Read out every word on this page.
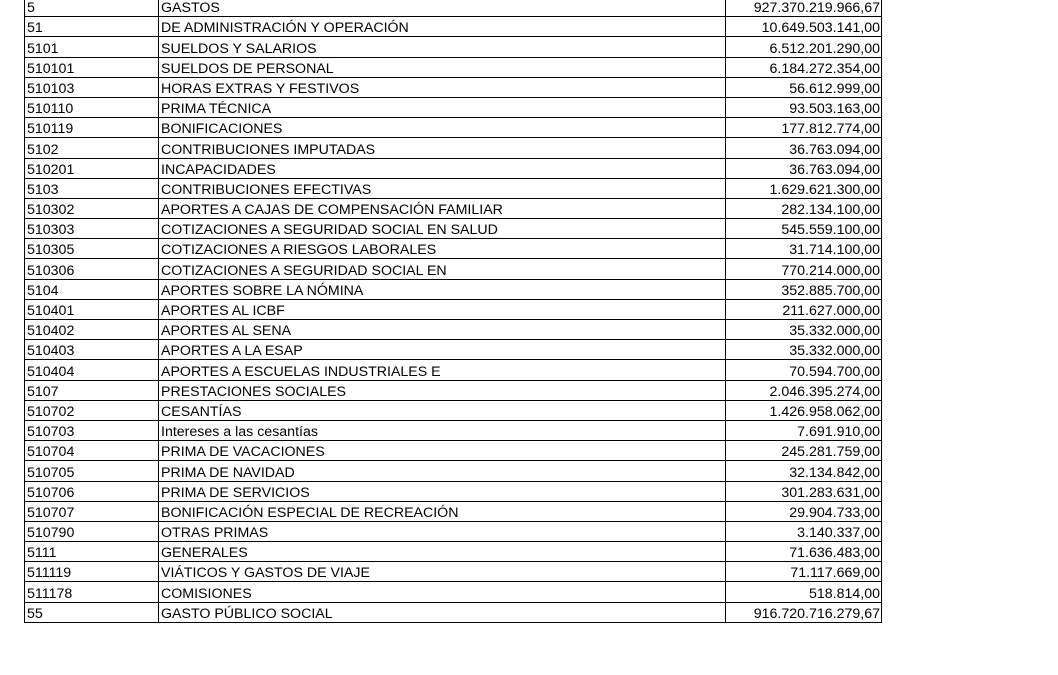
5	GASTOS	927.370.219.966,67
51	DE ADMINISTRACIÓN Y OPERACIÓN	10.649.503.141,00
5101	SUELDOS Y SALARIOS	6.512.201.290,00
510101	SUELDOS DE PERSONAL	6.184.272.354,00
510103	HORAS EXTRAS Y FESTIVOS	56.612.999,00
510110	PRIMA TÉCNICA	93.503.163,00
510119	BONIFICACIONES	177.812.774,00
5102	CONTRIBUCIONES IMPUTADAS	36.763.094,00
510201	INCAPACIDADES	36.763.094,00
5103	CONTRIBUCIONES EFECTIVAS	1.629.621.300,00
510302	APORTES A CAJAS DE COMPENSACIÓN FAMILIAR	282.134.100,00
510303	COTIZACIONES A SEGURIDAD SOCIAL EN SALUD	545.559.100,00
510305	COTIZACIONES A RIESGOS LABORALES	31.714.100,00
510306	COTIZACIONES A SEGURIDAD SOCIAL EN	770.214.000,00
5104	APORTES SOBRE LA NÓMINA	352.885.700,00
510401	APORTES AL ICBF	211.627.000,00
510402	APORTES AL SENA	35.332.000,00
510403	APORTES A LA ESAP	35.332.000,00
510404	APORTES A ESCUELAS INDUSTRIALES E	70.594.700,00
5107	PRESTACIONES SOCIALES	2.046.395.274,00
510702	CESANTÍAS	1.426.958.062,00
510703	Intereses a las cesantías	7.691.910,00
510704	PRIMA DE VACACIONES	245.281.759,00
510705	PRIMA DE NAVIDAD	32.134.842,00
510706	PRIMA DE SERVICIOS	301.283.631,00
510707	BONIFICACIÓN ESPECIAL DE RECREACIÓN	29.904.733,00
510790	OTRAS PRIMAS	3.140.337,00
5111	GENERALES	71.636.483,00
511119	VIÁTICOS Y GASTOS DE VIAJE	71.117.669,00
511178	COMISIONES	518.814,00
55	GASTO PÚBLICO SOCIAL	916.720.716.279,67
